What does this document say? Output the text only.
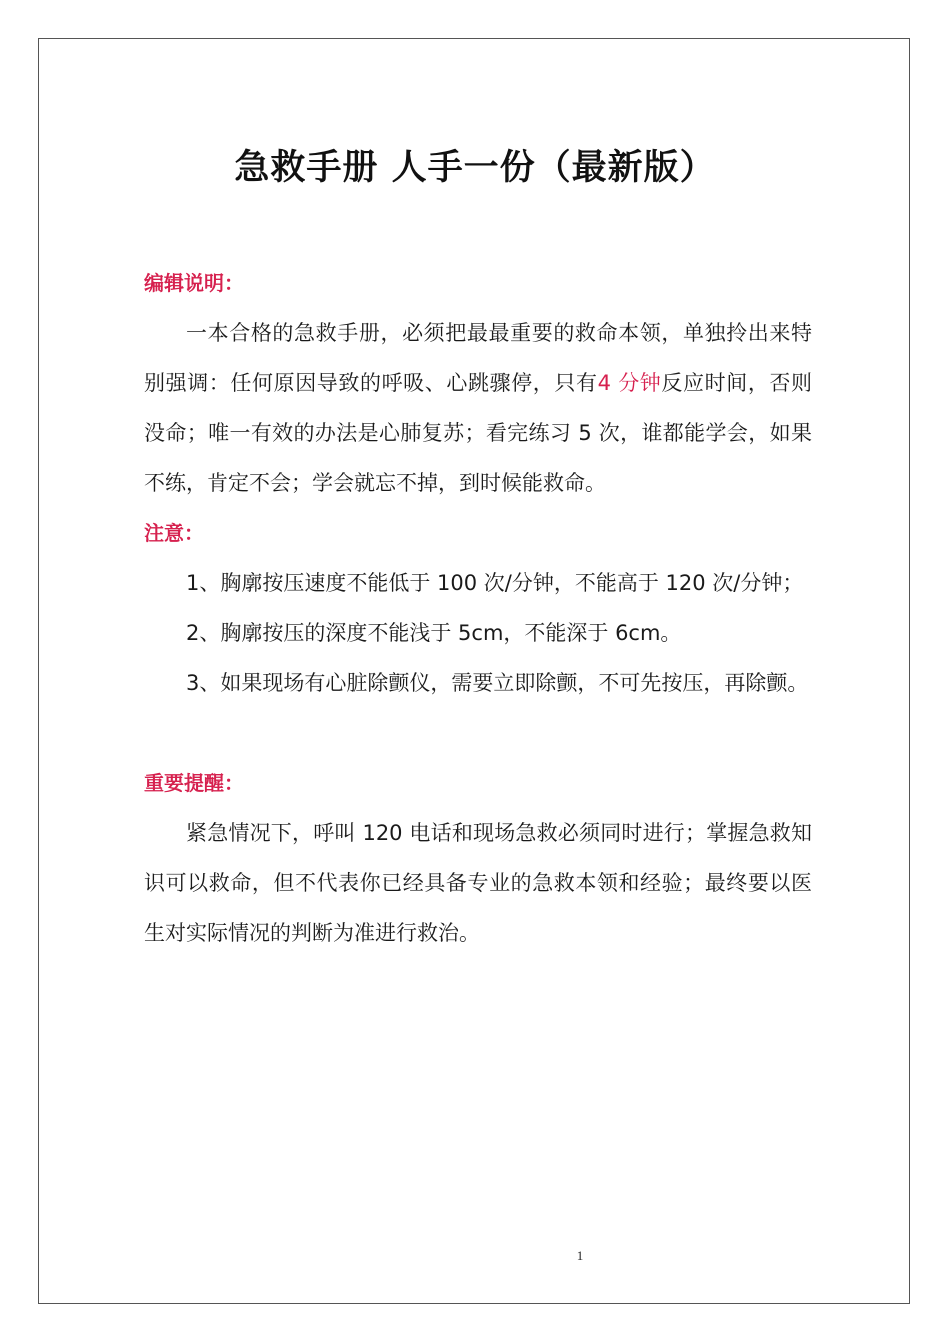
急救手册 人手一份（最新版）
编辑说明：

一本合格的急救手册，必须把最最重要的救命本领，单独拎出来特别强调：任何原因导致的呼吸、心跳骤停，只有4 分钟反应时间，否则没命；唯一有效的办法是心肺复苏；看完练习 5 次，谁都能学会，如果不练，肯定不会；学会就忘不掉，到时候能救命。

注意：

1、胸廓按压速度不能低于 100 次/分钟，不能高于 120 次/分钟；

2、胸廓按压的深度不能浅于 5cm，不能深于 6cm。

3、如果现场有心脏除颤仪，需要立即除颤，不可先按压，再除颤。

重要提醒：

紧急情况下，呼叫 120 电话和现场急救必须同时进行；掌握急救知识可以救命，但不代表你已经具备专业的急救本领和经验；最终要以医生对实际情况的判断为准进行救治。

1
